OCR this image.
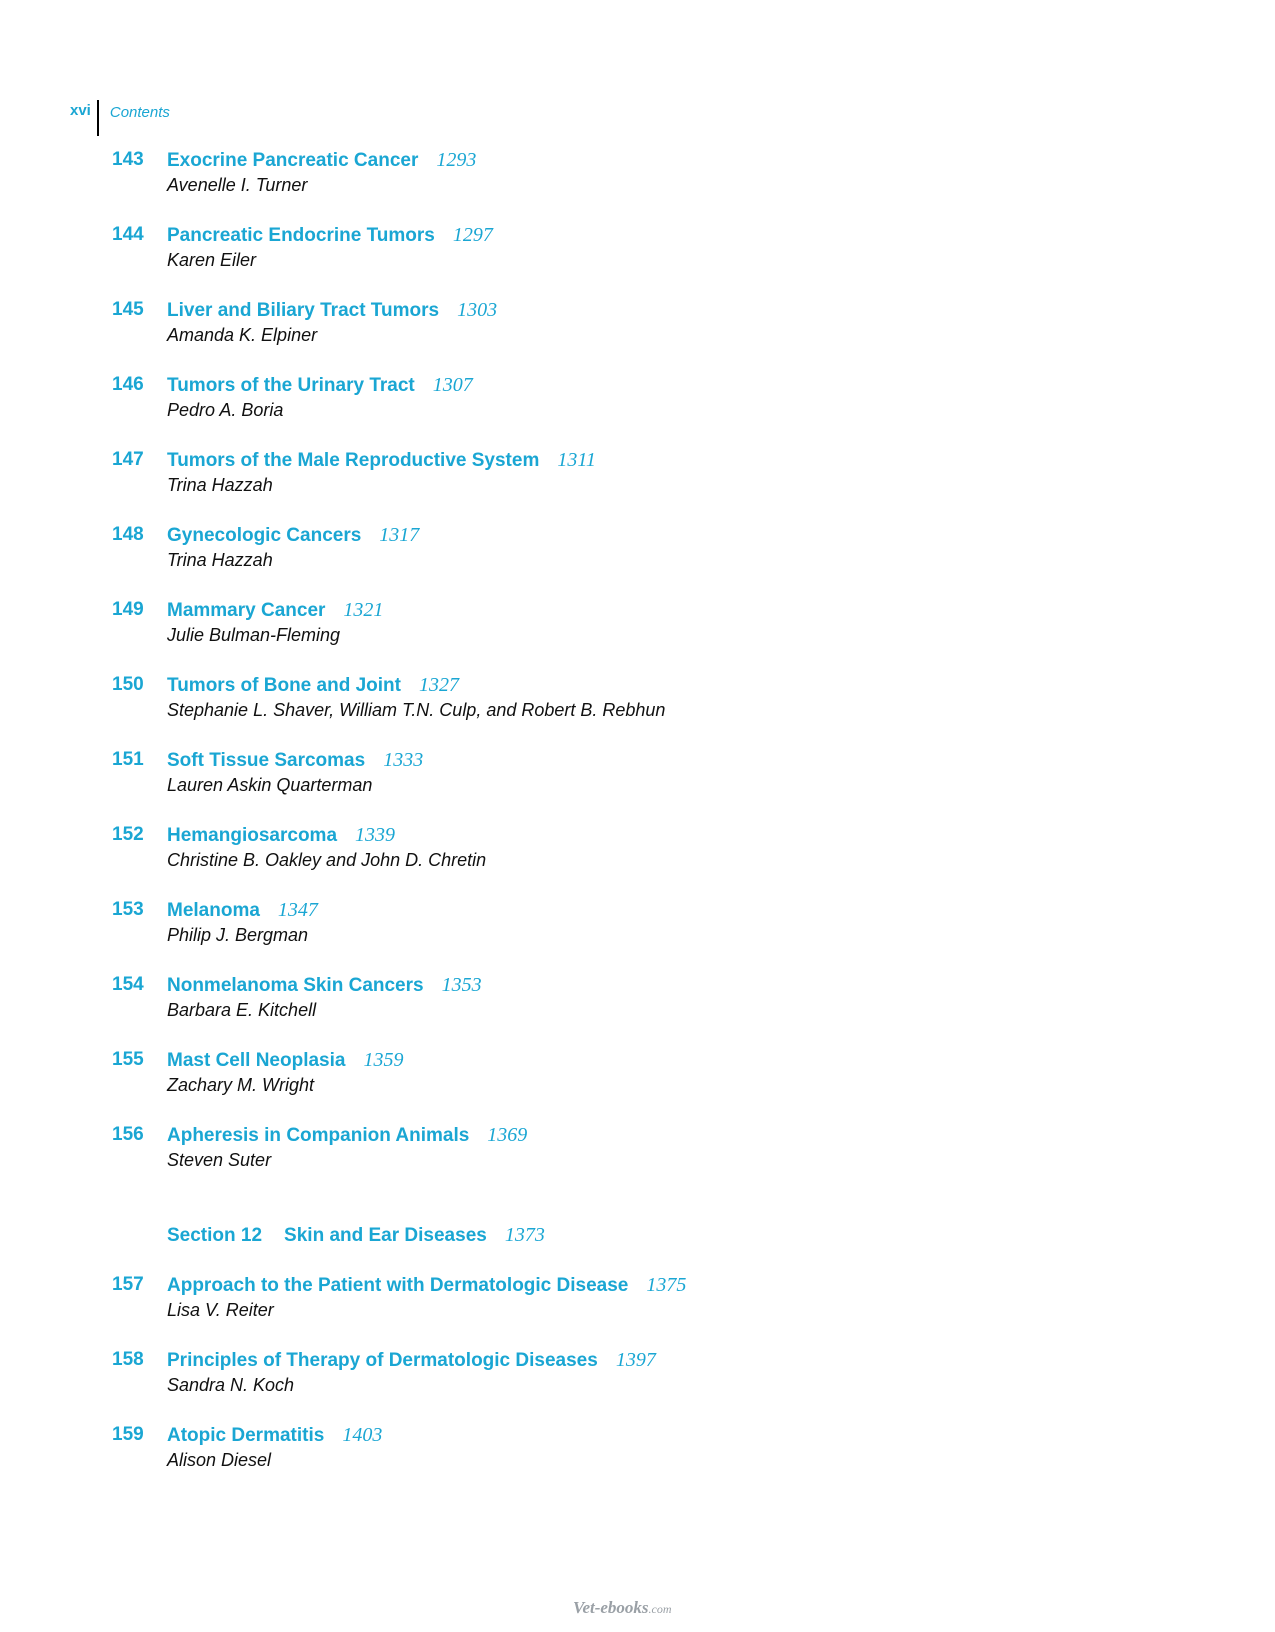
xvi	Contents
143 Exocrine Pancreatic Cancer 1293
Avenelle I. Turner
144 Pancreatic Endocrine Tumors 1297
Karen Eiler
145 Liver and Biliary Tract Tumors 1303
Amanda K. Elpiner
146 Tumors of the Urinary Tract 1307
Pedro A. Boria
147 Tumors of the Male Reproductive System 1311
Trina Hazzah
148 Gynecologic Cancers 1317
Trina Hazzah
149 Mammary Cancer 1321
Julie Bulman-Fleming
150 Tumors of Bone and Joint 1327
Stephanie L. Shaver, William T.N. Culp, and Robert B. Rebhun
151 Soft Tissue Sarcomas 1333
Lauren Askin Quarterman
152 Hemangiosarcoma 1339
Christine B. Oakley and John D. Chretin
153 Melanoma 1347
Philip J. Bergman
154 Nonmelanoma Skin Cancers 1353
Barbara E. Kitchell
155 Mast Cell Neoplasia 1359
Zachary M. Wright
156 Apheresis in Companion Animals 1369
Steven Suter
Section 12 Skin and Ear Diseases 1373
157 Approach to the Patient with Dermatologic Disease 1375
Lisa V. Reiter
158 Principles of Therapy of Dermatologic Diseases 1397
Sandra N. Koch
159 Atopic Dermatitis 1403
Alison Diesel
Vet-ebooks.com
